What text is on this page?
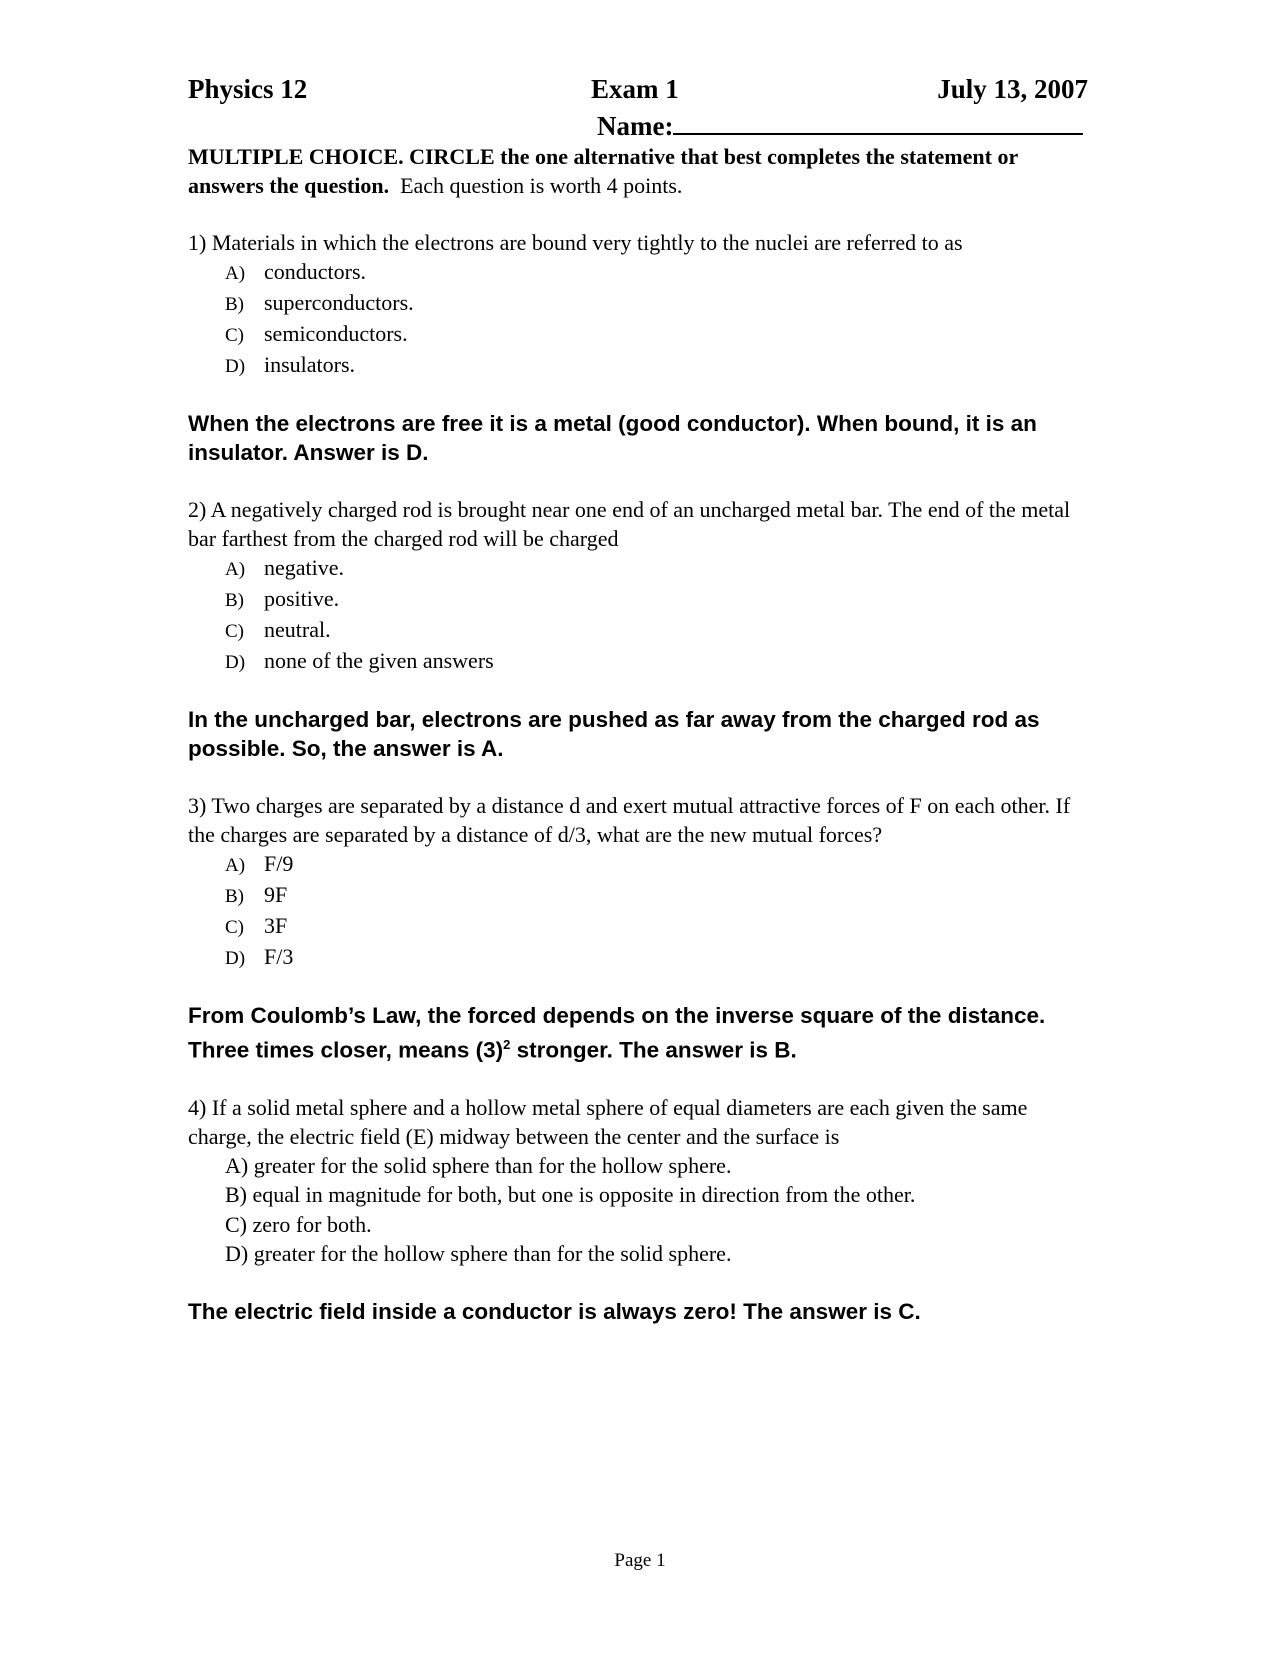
Physics 12	Exam 1	July 13, 2007
Name:
MULTIPLE CHOICE. CIRCLE the one alternative that best completes the statement or answers the question. Each question is worth 4 points.
1) Materials in which the electrons are bound very tightly to the nuclei are referred to as
A) conductors.
B) superconductors.
C) semiconductors.
D) insulators.
When the electrons are free it is a metal (good conductor). When bound, it is an insulator. Answer is D.
2) A negatively charged rod is brought near one end of an uncharged metal bar. The end of the metal bar farthest from the charged rod will be charged
A) negative.
B) positive.
C) neutral.
D) none of the given answers
In the uncharged bar, electrons are pushed as far away from the charged rod as possible. So, the answer is A.
3) Two charges are separated by a distance d and exert mutual attractive forces of F on each other. If the charges are separated by a distance of d/3, what are the new mutual forces?
A) F/9
B) 9F
C) 3F
D) F/3
From Coulomb’s Law, the forced depends on the inverse square of the distance. Three times closer, means $(3)^2$ stronger. The answer is B.
4) If a solid metal sphere and a hollow metal sphere of equal diameters are each given the same charge, the electric field (E) midway between the center and the surface is
A) greater for the solid sphere than for the hollow sphere.
B) equal in magnitude for both, but one is opposite in direction from the other.
C) zero for both.
D) greater for the hollow sphere than for the solid sphere.
The electric field inside a conductor is always zero! The answer is C.
Page 1
